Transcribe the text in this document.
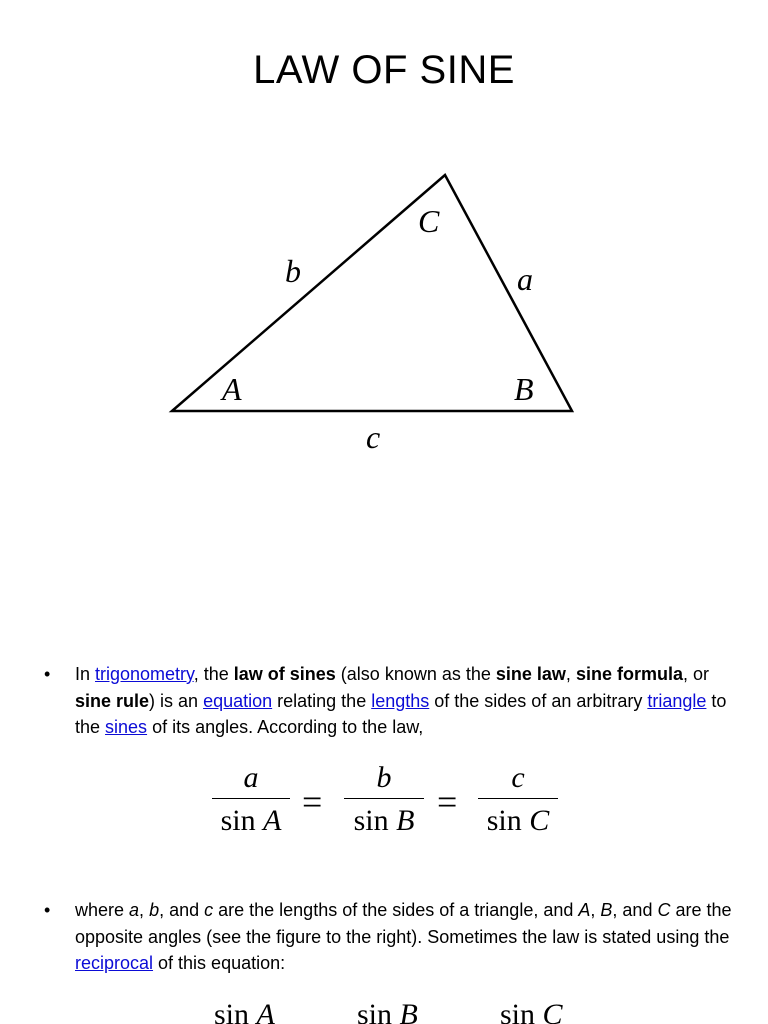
LAW OF SINE
C
A	B
b	a
c
•	In trigonometry, the law of sines (also known as the sine law, sine formula, or sine rule) is an equation relating the lengths of the sides of an arbitrary triangle to the sines of its angles. According to the law,
a
sin A =
b
sin B =
c
sin C
•	where a, b, and c are the lengths of the sides of a triangle, and A, B, and C are the opposite angles (see the figure to the right). Sometimes the law is stated using the reciprocal of this equation:
sin A	sin B	sin C
